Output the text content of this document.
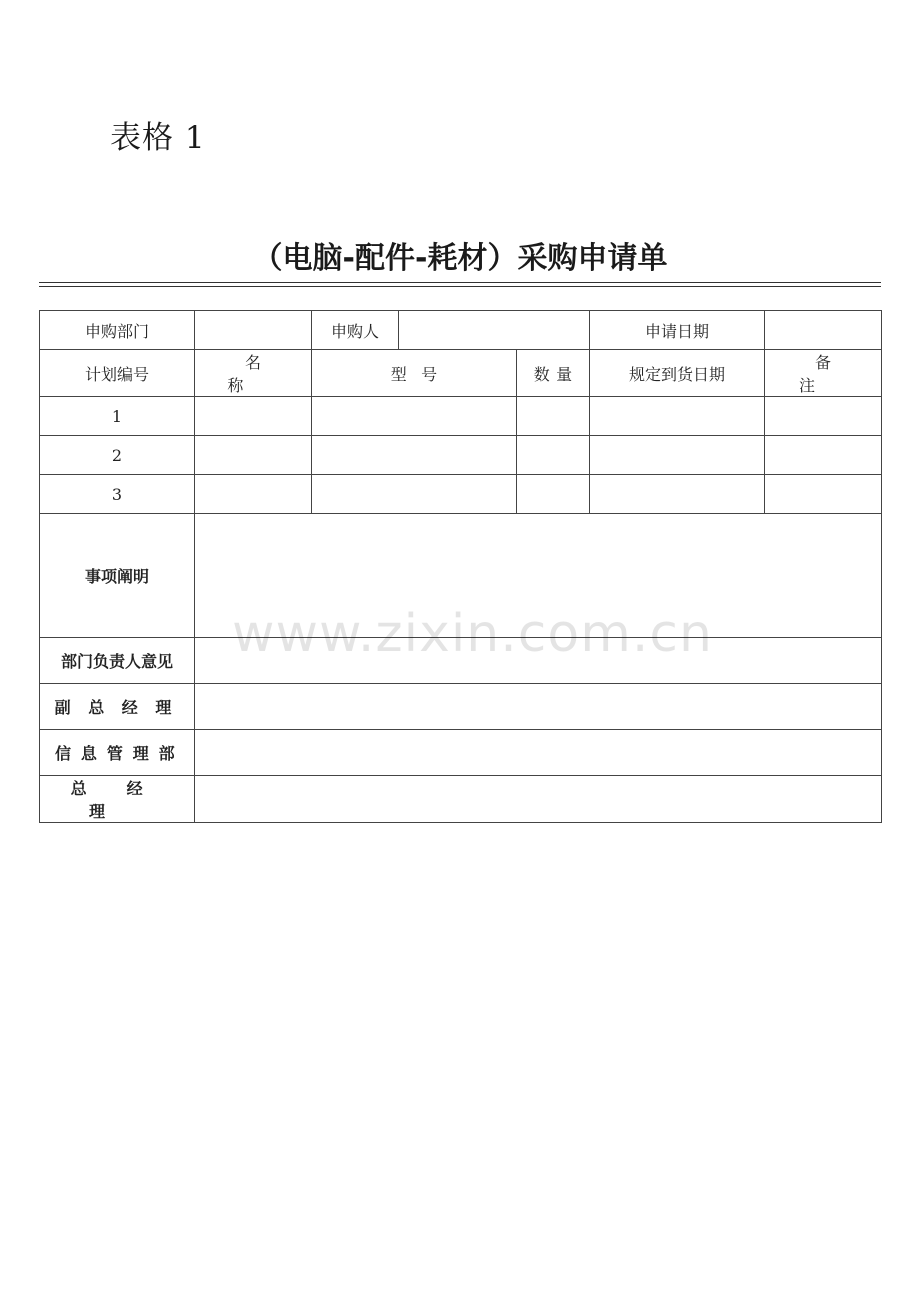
表格 1
（电脑-配件-耗材）采购申请单
申购部门		申购人			申请日期	
计划编号	名称	型号		数量	规定到货日期	备注
1						
2						
3						
事项阐明						
部门负责人意见						
副总经理						
信息管理部						
总经理						
www.zixin.com.cn
